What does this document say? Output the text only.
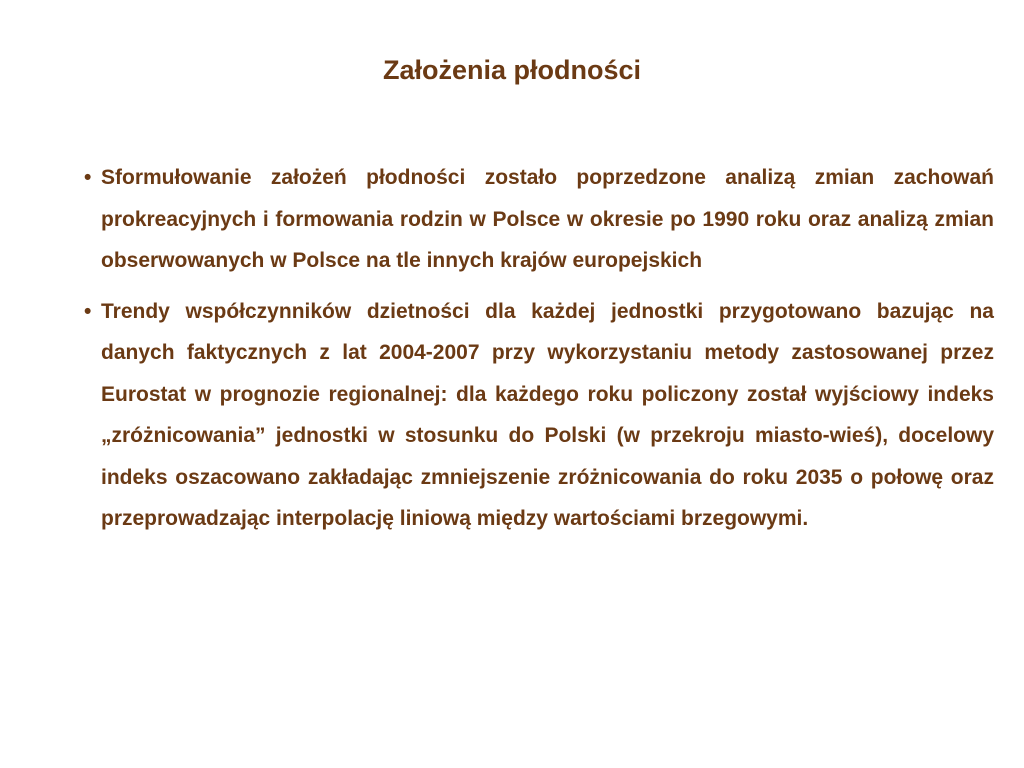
Założenia płodności
• Sformułowanie założeń płodności zostało poprzedzone analizą zmian zachowań prokreacyjnych i formowania rodzin w Polsce w okresie po 1990 roku oraz analizą zmian obserwowanych w Polsce na tle innych krajów europejskich
• Trendy współczynników dzietności dla każdej jednostki przygotowano bazując na danych faktycznych z lat 2004-2007 przy wykorzystaniu metody zastosowanej przez Eurostat w prognozie regionalnej: dla każdego roku policzony został wyjściowy indeks „zróżnicowania” jednostki w stosunku do Polski (w przekroju miasto-wieś), docelowy indeks oszacowano zakładając zmniejszenie zróżnicowania do roku 2035 o połowę oraz przeprowadzając interpolację liniową między wartościami brzegowymi.
